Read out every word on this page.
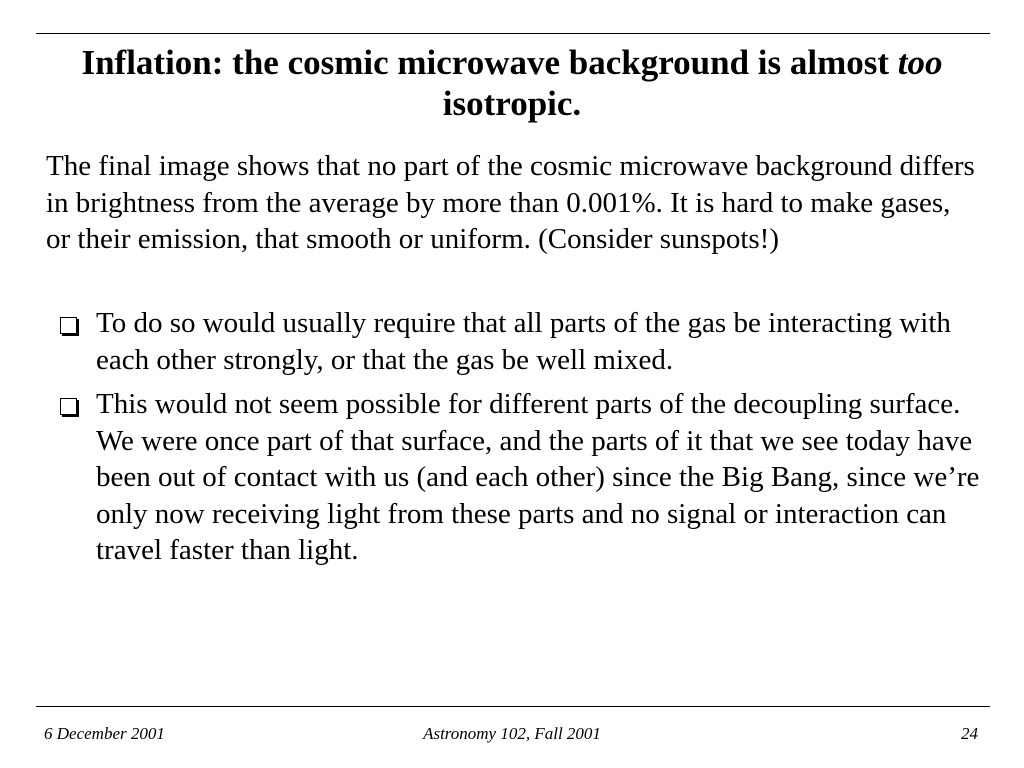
Inflation: the cosmic microwave background is almost too isotropic.

The final image shows that no part of the cosmic microwave background differs in brightness from the average by more than 0.001%. It is hard to make gases, or their emission, that smooth or uniform. (Consider sunspots!)

To do so would usually require that all parts of the gas be interacting with each other strongly, or that the gas be well mixed.
This would not seem possible for different parts of the decoupling surface. We were once part of that surface, and the parts of it that we see today have been out of contact with us (and each other) since the Big Bang, since we’re only now receiving light from these parts and no signal or interaction can travel faster than light.
6 December 2001	Astronomy 102, Fall 2001	24
